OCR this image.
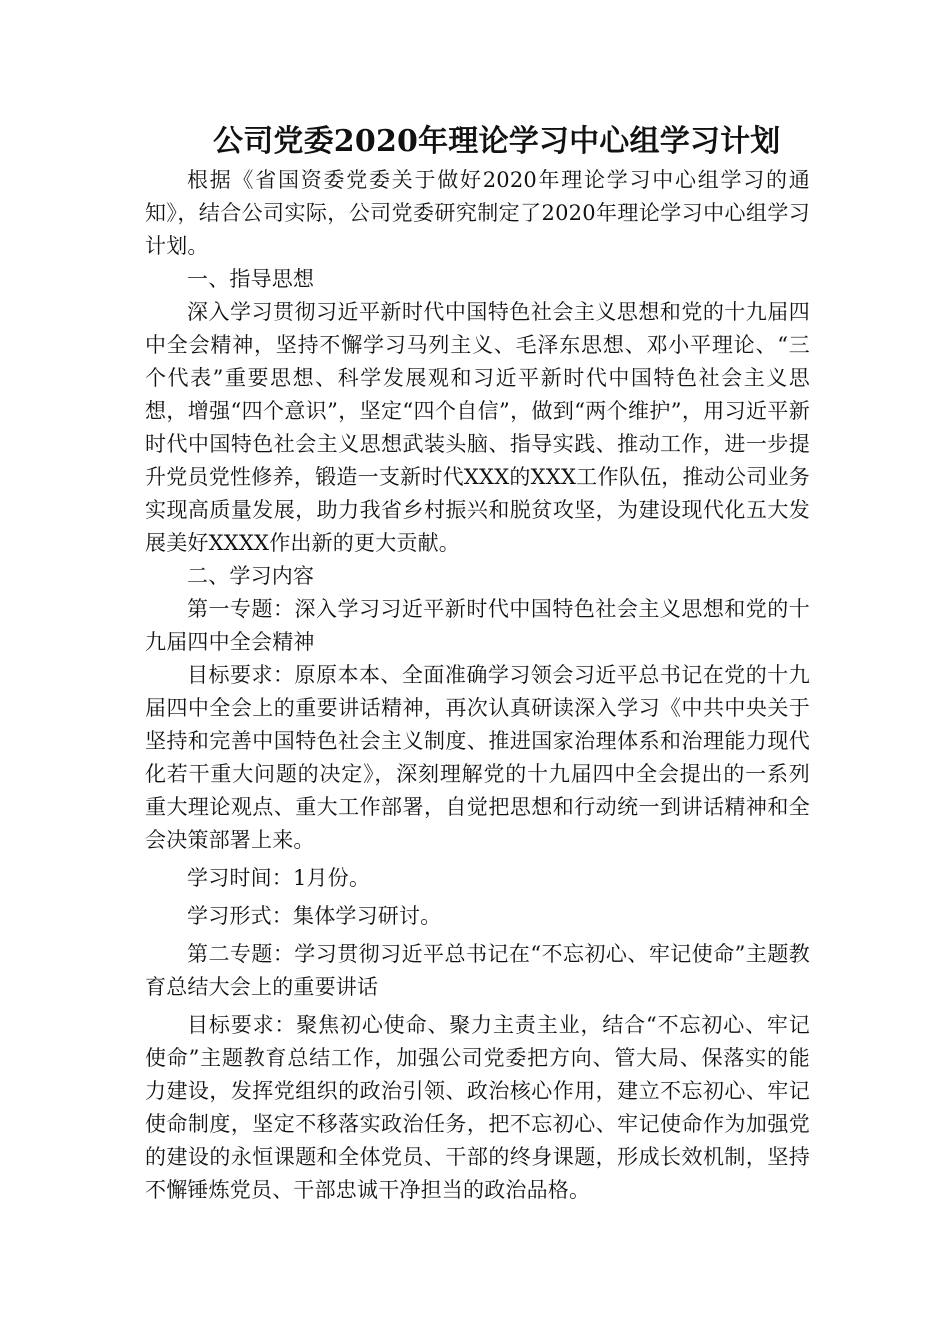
公司党委2020年理论学习中心组学习计划

根据《省国资委党委关于做好2020年理论学习中心组学习的通知》，结合公司实际，公司党委研究制定了2020年理论学习中心组学习计划。

一、指导思想

深入学习贯彻习近平新时代中国特色社会主义思想和党的十九届四中全会精神，坚持不懈学习马列主义、毛泽东思想、邓小平理论、“三个代表”重要思想、科学发展观和习近平新时代中国特色社会主义思想，增强“四个意识”，坚定“四个自信”，做到“两个维护”，用习近平新时代中国特色社会主义思想武装头脑、指导实践、推动工作，进一步提升党员党性修养，锻造一支新时代XXX的XXX工作队伍，推动公司业务实现高质量发展，助力我省乡村振兴和脱贫攻坚，为建设现代化五大发展美好XXXX作出新的更大贡献。

二、学习内容

第一专题：深入学习习近平新时代中国特色社会主义思想和党的十九届四中全会精神

目标要求：原原本本、全面准确学习领会习近平总书记在党的十九届四中全会上的重要讲话精神，再次认真研读深入学习《中共中央关于坚持和完善中国特色社会主义制度、推进国家治理体系和治理能力现代化若干重大问题的决定》，深刻理解党的十九届四中全会提出的一系列重大理论观点、重大工作部署，自觉把思想和行动统一到讲话精神和全会决策部署上来。

学习时间：1月份。

学习形式：集体学习研讨。

第二专题：学习贯彻习近平总书记在“不忘初心、牢记使命”主题教育总结大会上的重要讲话

目标要求：聚焦初心使命、聚力主责主业，结合“不忘初心、牢记使命”主题教育总结工作，加强公司党委把方向、管大局、保落实的能力建设，发挥党组织的政治引领、政治核心作用，建立不忘初心、牢记使命制度，坚定不移落实政治任务，把不忘初心、牢记使命作为加强党的建设的永恒课题和全体党员、干部的终身课题，形成长效机制，坚持不懈锤炼党员、干部忠诚干净担当的政治品格。
